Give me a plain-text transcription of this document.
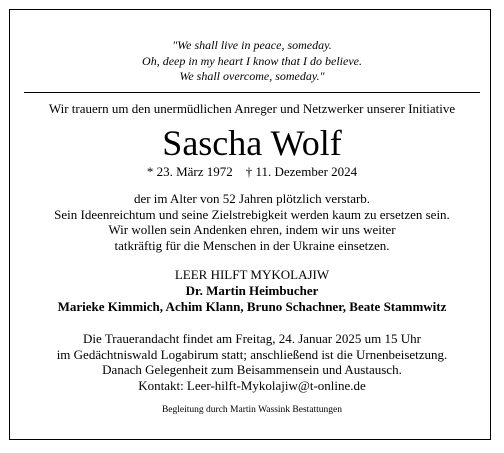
"We shall live in peace, someday.
Oh, deep in my heart I know that I do believe.
We shall overcome, someday."
Wir trauern um den unermüdlichen Anreger und Netzwerker unserer Initiative
Sascha Wolf
* 23. März 1972    † 11. Dezember 2024
der im Alter von 52 Jahren plötzlich verstarb.
Sein Ideenreichtum und seine Zielstrebigkeit werden kaum zu ersetzen sein.
Wir wollen sein Andenken ehren, indem wir uns weiter
tatkräftig für die Menschen in der Ukraine einsetzen.
LEER HILFT MYKOLAJIW
Dr. Martin Heimbucher
Marieke Kimmich, Achim Klann, Bruno Schachner, Beate Stammwitz
Die Trauerandacht findet am Freitag, 24. Januar 2025 um 15 Uhr
im Gedächtniswald Logabirum statt; anschließend ist die Urnenbeisetzung.
Danach Gelegenheit zum Beisammensein und Austausch.
Kontakt: Leer-hilft-Mykolajiw@t-online.de
Begleitung durch Martin Wassink Bestattungen
